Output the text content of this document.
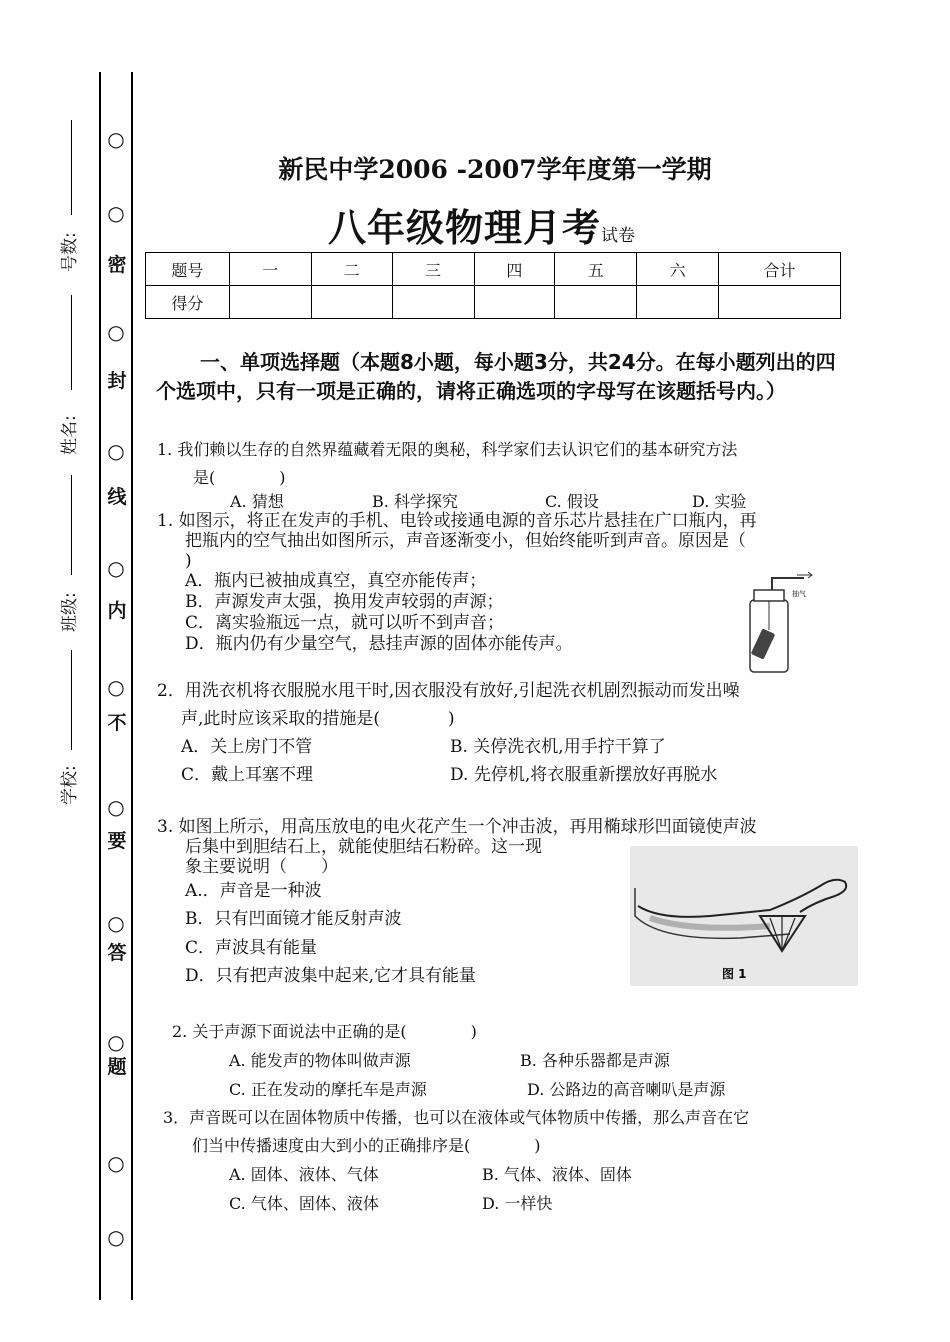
○
○
密
○
封
○
线
○
内
○
不
○
要
○
答
○
题
○
○
号数:
姓名:
班级:
学校:
新民中学2006 -2007学年度第一学期
八年级物理月考试卷
题号	一	二	三	四	五	六	合计
得分							
一、单项选择题（本题8小题，每小题3分，共24分。在每小题列出的四个选项中，只有一项是正确的，请将正确选项的字母写在该题括号内。）
1. 我们赖以生存的自然界蕴藏着无限的奥秘，科学家们去认识它们的基本研究方法
是(　　　　)
A. 猜想	B. 科学探究	C. 假设	D. 实验
1. 如图示，将正在发声的手机、电铃或接通电源的音乐芯片悬挂在广口瓶内，再
把瓶内的空气抽出如图所示，声音逐渐变小，但始终能听到声音。原因是（
)
A．瓶内已被抽成真空，真空亦能传声；
B．声源发声太强，换用发声较弱的声源；
C．离实验瓶远一点，就可以听不到声音；
D．瓶内仍有少量空气，悬挂声源的固体亦能传声。
抽气
2．用洗衣机将衣服脱水甩干时,因衣服没有放好,引起洗衣机剧烈振动而发出噪
声,此时应该采取的措施是(　　　　)
A．关上房门不管	B. 关停洗衣机,用手拧干算了
C．戴上耳塞不理	D. 先停机,将衣服重新摆放好再脱水
3. 如图上所示，用高压放电的电火花产生一个冲击波，再用椭球形凹面镜使声波
后集中到胆结石上，就能使胆结石粉碎。这一现
象主要说明（　　）
A.．声音是一种波
B．只有凹面镜才能反射声波
C．声波具有能量
D．只有把声波集中起来,它才具有能量	图 1
2. 关于声源下面说法中正确的是(　　　　)
A. 能发声的物体叫做声源	B. 各种乐器都是声源
C. 正在发动的摩托车是声源	D. 公路边的高音喇叭是声源
3．声音既可以在固体物质中传播，也可以在液体或气体物质中传播，那么声音在它
们当中传播速度由大到小的正确排序是(　　　　)
A. 固体、液体、气体	B. 气体、液体、固体
C. 气体、固体、液体	D. 一样快
